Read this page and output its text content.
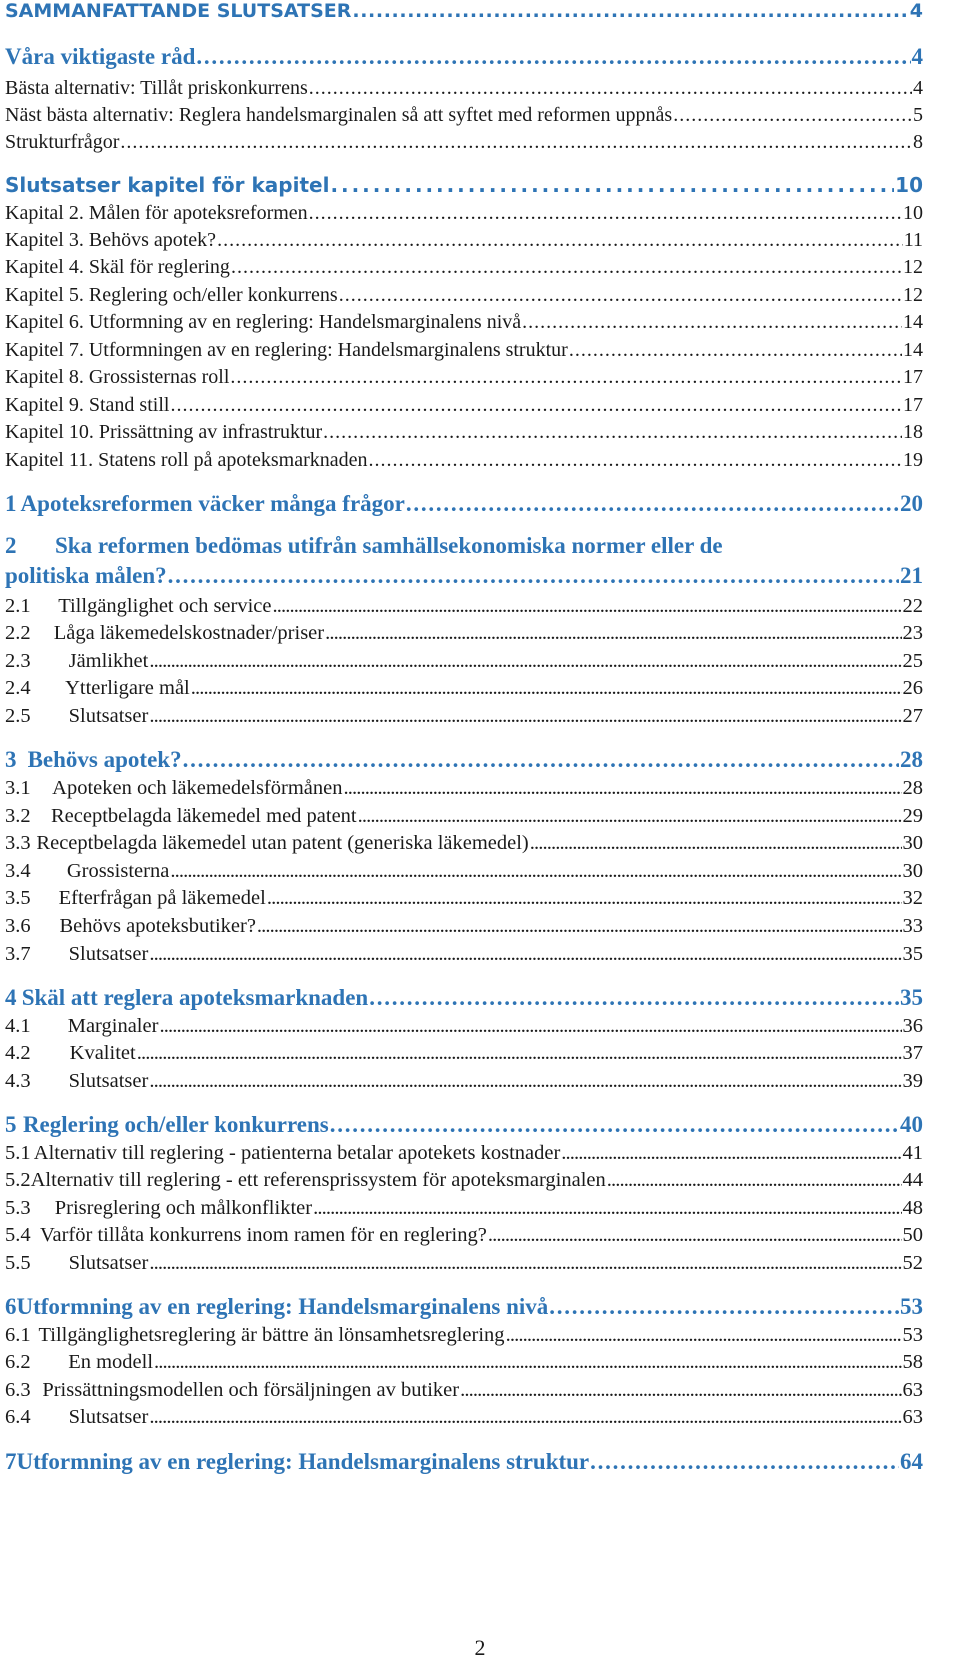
SAMMANFATTANDE SLUTSATSER . . .	4
Våra viktigaste råd . . .	4
Bästa alternativ: Tillåt priskonkurrens . . .	4
Näst bästa alternativ: Reglera handelsmarginalen så att syftet med reformen uppnås . . .	5
Strukturfrågor . . .	8
Slutsatser kapitel för kapitel . . .	10
Kapital 2. Målen för apoteksreformen . . .	10
Kapitel 3. Behövs apotek? . . .	11
Kapitel 4. Skäl för reglering . . .	12
Kapitel 5. Reglering och/eller konkurrens . . .	12
Kapitel 6. Utformning av en reglering: Handelsmarginalens nivå . . .	14
Kapitel 7. Utformningen av en reglering: Handelsmarginalens struktur . . .	14
Kapitel 8. Grossisternas roll . . .	17
Kapitel 9. Stand still . . .	17
Kapitel 10. Prissättning av infrastruktur . . .	18
Kapitel 11. Statens roll på apoteksmarknaden . . .	19
1 Apoteksreformen väcker många frågor . . .	20
2 Ska reformen bedömas utifrån samhällsekonomiska normer eller de
politiska målen? . . .	21
2.1	Tillgänglighet och service . . .	22
2.2	Låga läkemedelskostnader/priser . . .	23
2.3	Jämlikhet . . .	25
2.4	Ytterligare mål . . .	26
2.5	Slutsatser . . .	27
3 Behövs apotek? . . .	28
3.1	Apoteken och läkemedelsförmånen . . .	28
3.2 Receptbelagda läkemedel med patent . . .	29
3.3 Receptbelagda läkemedel utan patent (generiska läkemedel) . . .	30
3.4	Grossisterna . . .	30
3.5	Efterfrågan på läkemedel . . .	32
3.6	Behövs apoteksbutiker? . . .	33
3.7	Slutsatser . . .	35
4 Skäl att reglera apoteksmarknaden . . .	35
4.1	Marginaler . . .	36
4.2	Kvalitet . . .	37
4.3	Slutsatser . . .	39
5 Reglering och/eller konkurrens . . .	40
5.1 Alternativ till reglering - patienterna betalar apotekets kostnader . . .	41
5.2 Alternativ till reglering - ett referensprissystem för apoteksmarginalen . . .	44
5.3	Prisreglering och målkonflikter . . .	48
5.4 Varför tillåta konkurrens inom ramen för en reglering? . . .	50
5.5	Slutsatser . . .	52
6 Utformning av en reglering: Handelsmarginalens nivå . . .	53
6.1 Tillgänglighetsreglering är bättre än lönsamhetsreglering . . .	53
6.2	En modell . . .	58
6.3 Prissättningsmodellen och försäljningen av butiker . . .	63
6.4	Slutsatser . . .	63
7 Utformning av en reglering: Handelsmarginalens struktur . . .	64
2
